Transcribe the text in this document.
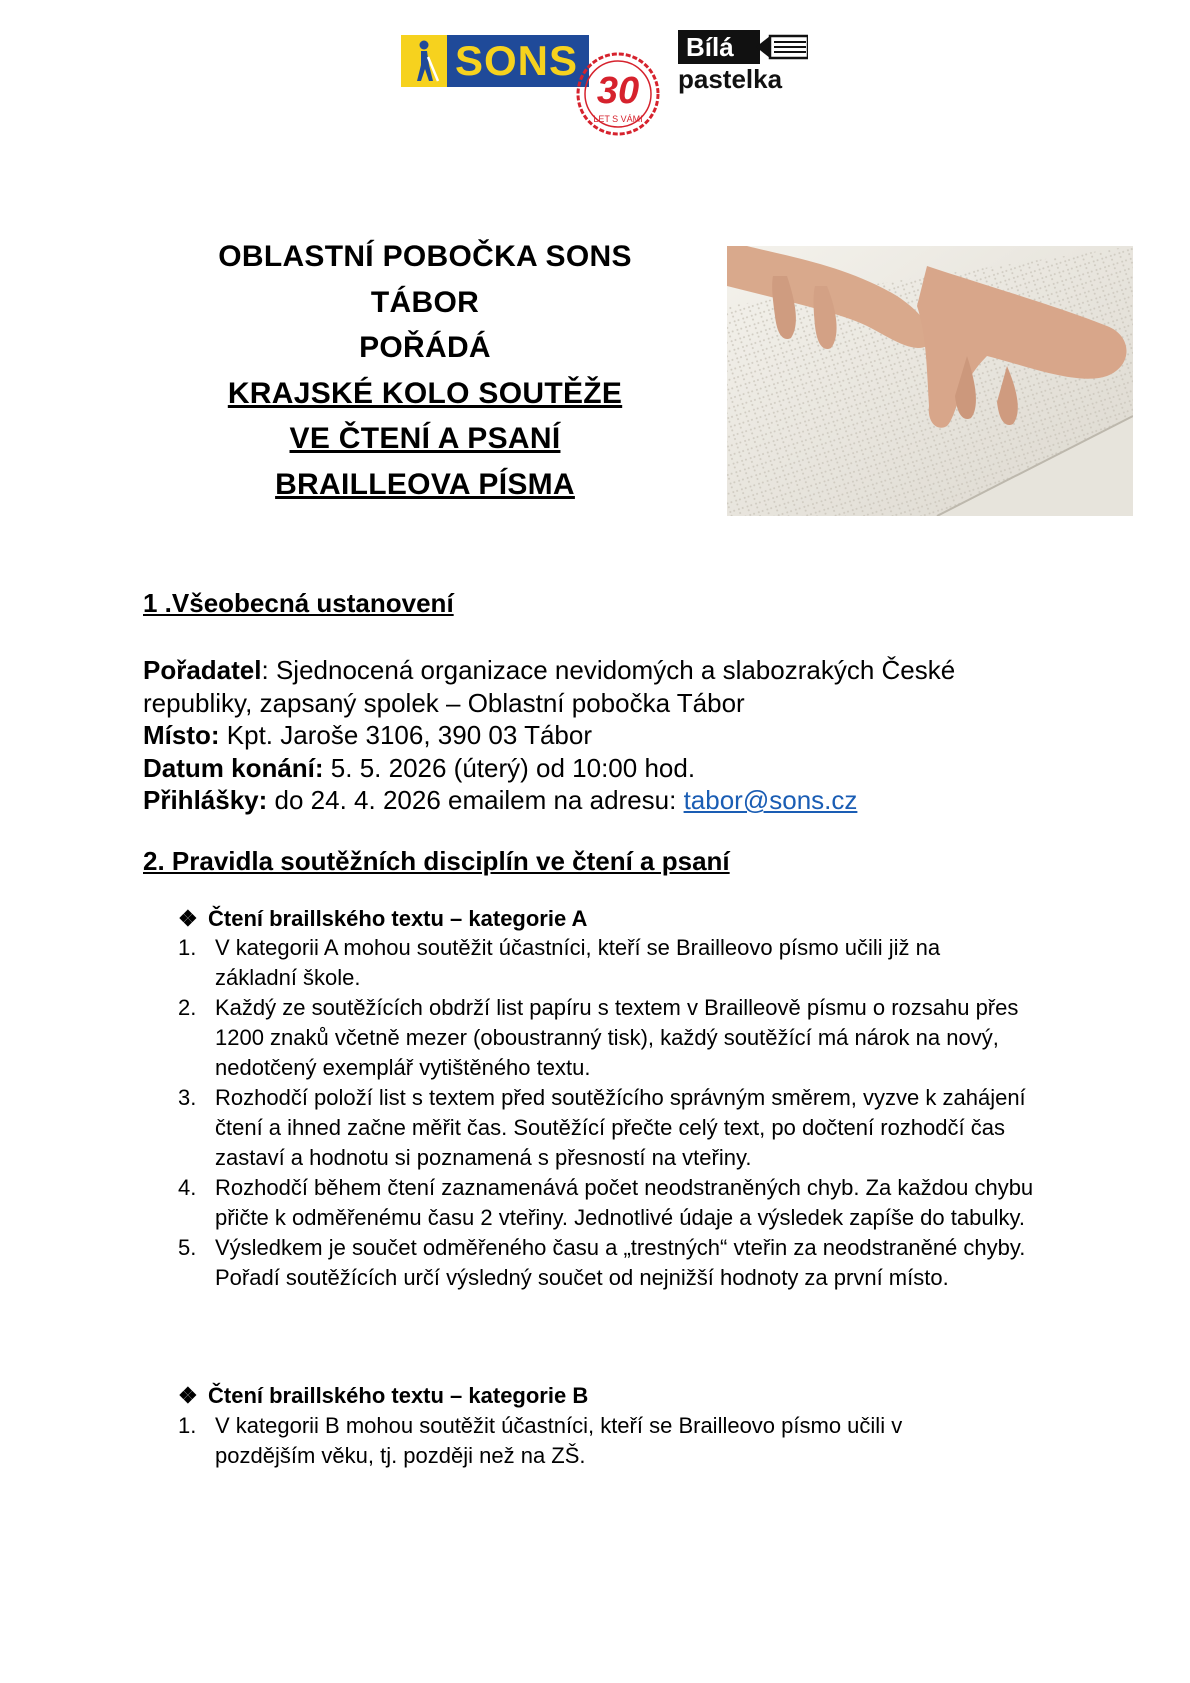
SONS
30
LET S VÁMI
Bílá
pastelka
OBLASTNÍ POBOČKA SONS
TÁBOR
POŘÁDÁ
KRAJSKÉ KOLO SOUTĚŽE
VE ČTENÍ A PSANÍ
BRAILLEOVA PÍSMA
1 .Všeobecná ustanovení
Pořadatel: Sjednocená organizace nevidomých a slabozrakých České republiky, zapsaný spolek – Oblastní pobočka Tábor
Místo: Kpt. Jaroše 3106, 390 03 Tábor
Datum konání: 5. 5. 2026 (úterý) od 10:00 hod.
Přihlášky: do 24. 4. 2026 emailem na adresu: tabor@sons.cz
2. Pravidla soutěžních disciplín ve čtení a psaní
❖ Čtení braillského textu – kategorie A
1. V kategorii A mohou soutěžit účastníci, kteří se Brailleovo písmo učili již na základní škole.
2. Každý ze soutěžících obdrží list papíru s textem v Brailleově písmu o rozsahu přes 1200 znaků včetně mezer (oboustranný tisk), každý soutěžící má nárok na nový, nedotčený exemplář vytištěného textu.
3. Rozhodčí položí list s textem před soutěžícího správným směrem, vyzve k zahájení čtení a ihned začne měřit čas. Soutěžící přečte celý text, po dočtení rozhodčí čas zastaví a hodnotu si poznamená s přesností na vteřiny.
4. Rozhodčí během čtení zaznamenává počet neodstraněných chyb. Za každou chybu přičte k odměřenému času 2 vteřiny. Jednotlivé údaje a výsledek zapíše do tabulky.
5. Výsledkem je součet odměřeného času a „trestných“ vteřin za neodstraněné chyby. Pořadí soutěžících určí výsledný součet od nejnižší hodnoty za první místo.
❖ Čtení braillského textu – kategorie B
1. V kategorii B mohou soutěžit účastníci, kteří se Brailleovo písmo učili v pozdějším věku, tj. později než na ZŠ.
